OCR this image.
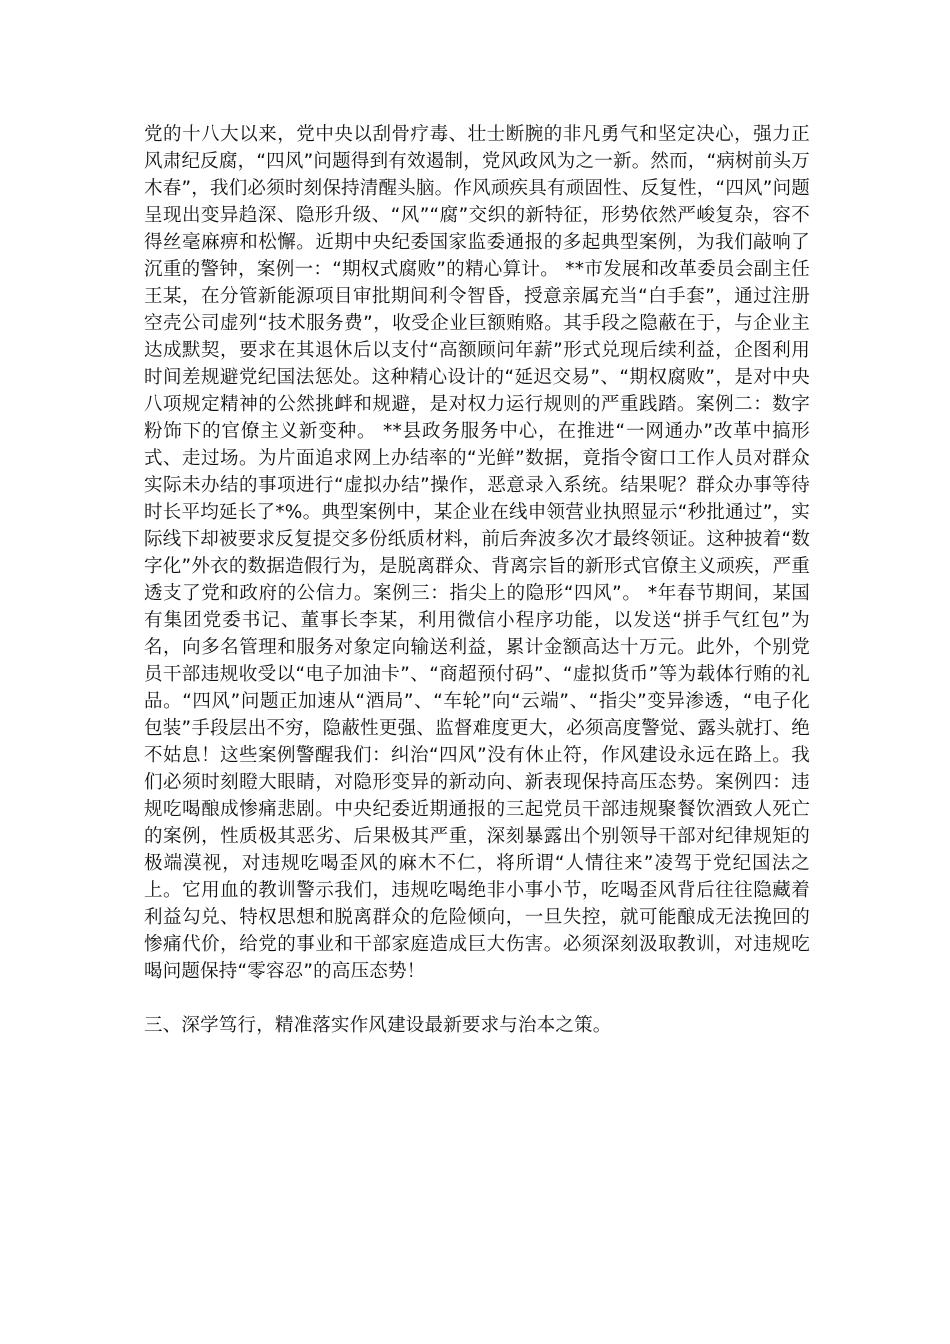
党的十八大以来，党中央以刮骨疗毒、壮士断腕的非凡勇气和坚定决心，强力正风肃纪反腐，“四风”问题得到有效遏制，党风政风为之一新。然而，“病树前头万木春”，我们必须时刻保持清醒头脑。作风顽疾具有顽固性、反复性，“四风”问题呈现出变异趋深、隐形升级、“风”“腐”交织的新特征，形势依然严峻复杂，容不得丝毫麻痹和松懈。近期中央纪委国家监委通报的多起典型案例，为我们敲响了沉重的警钟，案例一：“期权式腐败”的精心算计。 **市发展和改革委员会副主任王某，在分管新能源项目审批期间利令智昏，授意亲属充当“白手套”，通过注册空壳公司虚列“技术服务费”，收受企业巨额贿赂。其手段之隐蔽在于，与企业主达成默契，要求在其退休后以支付“高额顾问年薪”形式兑现后续利益，企图利用时间差规避党纪国法惩处。这种精心设计的“延迟交易”、“期权腐败”，是对中央八项规定精神的公然挑衅和规避，是对权力运行规则的严重践踏。案例二：数字粉饰下的官僚主义新变种。 **县政务服务中心，在推进“一网通办”改革中搞形式、走过场。为片面追求网上办结率的“光鲜”数据，竟指令窗口工作人员对群众实际未办结的事项进行“虚拟办结”操作，恶意录入系统。结果呢？群众办事等待时长平均延长了*%。典型案例中，某企业在线申领营业执照显示“秒批通过”，实际线下却被要求反复提交多份纸质材料，前后奔波多次才最终领证。这种披着“数字化”外衣的数据造假行为，是脱离群众、背离宗旨的新形式官僚主义顽疾，严重透支了党和政府的公信力。案例三：指尖上的隐形“四风”。 *年春节期间，某国有集团党委书记、董事长李某，利用微信小程序功能，以发送“拼手气红包”为名，向多名管理和服务对象定向输送利益，累计金额高达十万元。此外，个别党员干部违规收受以“电子加油卡”、“商超预付码”、“虚拟货币”等为载体行贿的礼品。“四风”问题正加速从“酒局”、“车轮”向“云端”、“指尖”变异渗透，“电子化包装”手段层出不穷，隐蔽性更强、监督难度更大，必须高度警觉、露头就打、绝不姑息！这些案例警醒我们：纠治“四风”没有休止符，作风建设永远在路上。我们必须时刻瞪大眼睛，对隐形变异的新动向、新表现保持高压态势。案例四：违规吃喝酿成惨痛悲剧。中央纪委近期通报的三起党员干部违规聚餐饮酒致人死亡的案例，性质极其恶劣、后果极其严重，深刻暴露出个别领导干部对纪律规矩的极端漠视，对违规吃喝歪风的麻木不仁，将所谓“人情往来”凌驾于党纪国法之上。它用血的教训警示我们，违规吃喝绝非小事小节，吃喝歪风背后往往隐藏着利益勾兑、特权思想和脱离群众的危险倾向，一旦失控，就可能酿成无法挽回的惨痛代价，给党的事业和干部家庭造成巨大伤害。必须深刻汲取教训，对违规吃喝问题保持“零容忍”的高压态势！

三、深学笃行，精准落实作风建设最新要求与治本之策。
